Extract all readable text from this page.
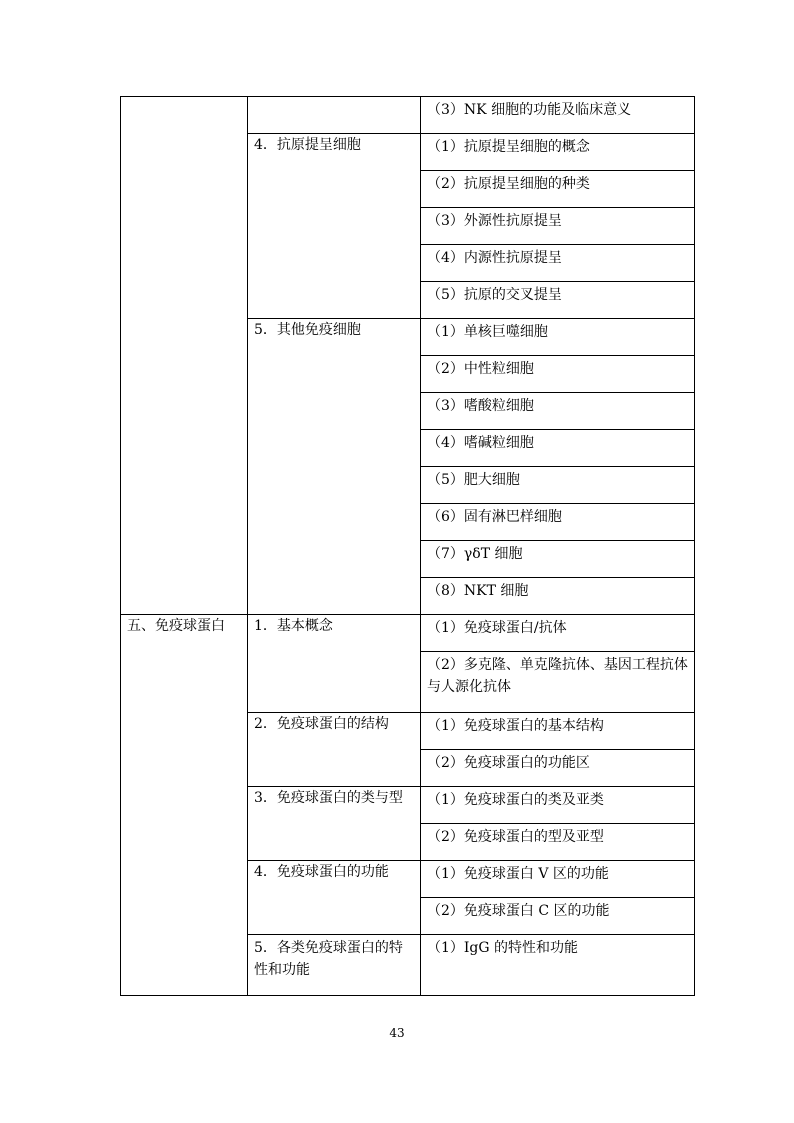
		（3）NK 细胞的功能及临床意义
	4．抗原提呈细胞	（1）抗原提呈细胞的概念
		（2）抗原提呈细胞的种类
		（3）外源性抗原提呈
		（4）内源性抗原提呈
		（5）抗原的交叉提呈
	5．其他免疫细胞	（1）单核巨噬细胞
		（2）中性粒细胞
		（3）嗜酸粒细胞
		（4）嗜碱粒细胞
		（5）肥大细胞
		（6）固有淋巴样细胞
		（7）γδT 细胞
		（8）NKT 细胞
五、免疫球蛋白	1．基本概念	（1）免疫球蛋白/抗体
		（2）多克隆、单克隆抗体、基因工程抗体与人源化抗体
	2．免疫球蛋白的结构	（1）免疫球蛋白的基本结构
		（2）免疫球蛋白的功能区
	3．免疫球蛋白的类与型	（1）免疫球蛋白的类及亚类
		（2）免疫球蛋白的型及亚型
	4．免疫球蛋白的功能	（1）免疫球蛋白 V 区的功能
		（2）免疫球蛋白 C 区的功能
	5．各类免疫球蛋白的特性和功能	（1）IgG 的特性和功能
43
